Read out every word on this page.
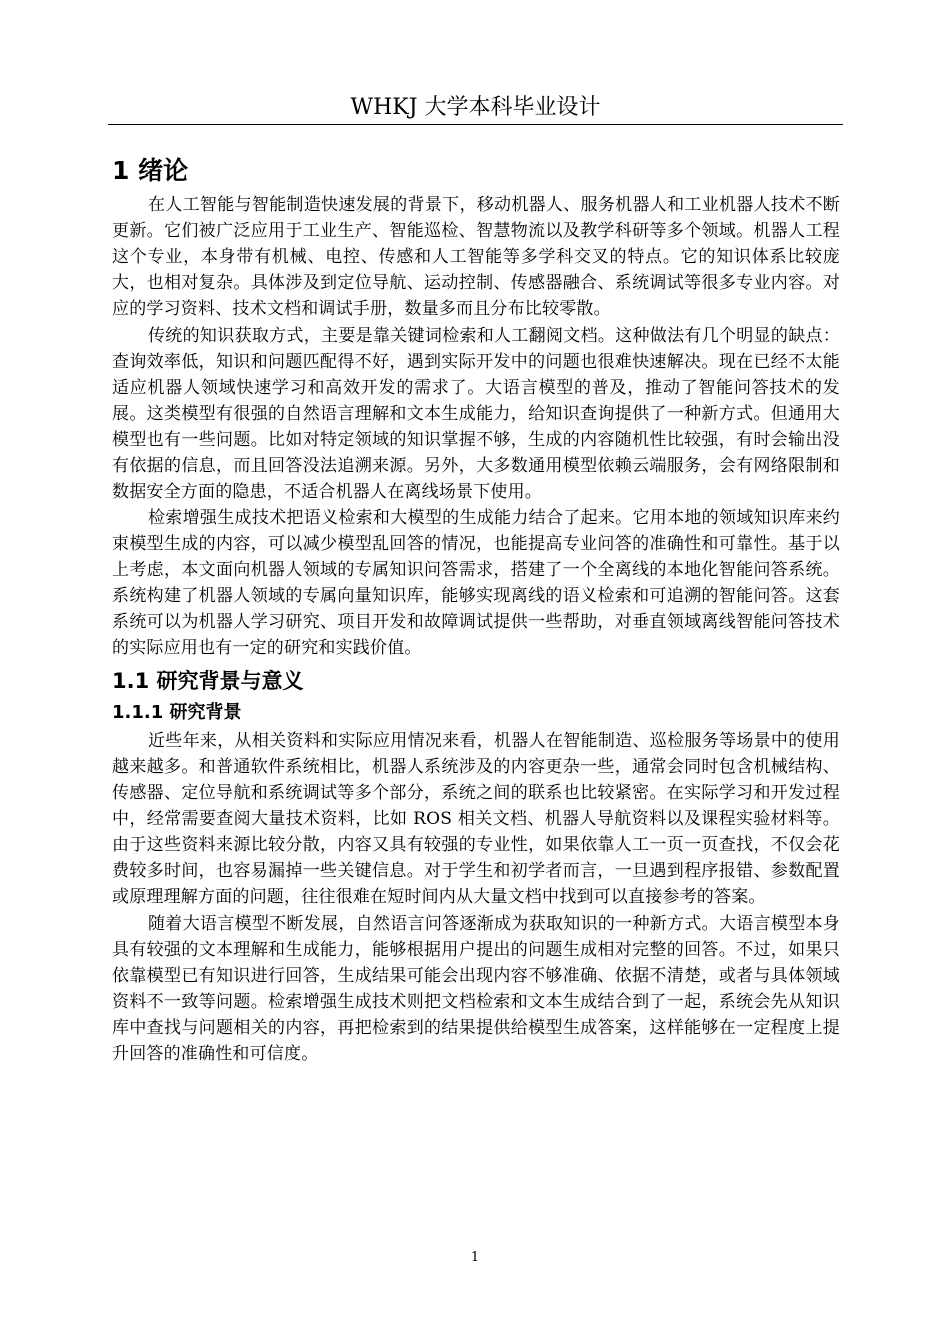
WHKJ 大学本科毕业设计
1 绪论

在人工智能与智能制造快速发展的背景下，移动机器人、服务机器人和工业机器人技术不断更新。它们被广泛应用于工业生产、智能巡检、智慧物流以及教学科研等多个领域。机器人工程这个专业，本身带有机械、电控、传感和人工智能等多学科交叉的特点。它的知识体系比较庞大，也相对复杂。具体涉及到定位导航、运动控制、传感器融合、系统调试等很多专业内容。对应的学习资料、技术文档和调试手册，数量多而且分布比较零散。

传统的知识获取方式，主要是靠关键词检索和人工翻阅文档。这种做法有几个明显的缺点：查询效率低，知识和问题匹配得不好，遇到实际开发中的问题也很难快速解决。现在已经不太能适应机器人领域快速学习和高效开发的需求了。大语言模型的普及，推动了智能问答技术的发展。这类模型有很强的自然语言理解和文本生成能力，给知识查询提供了一种新方式。但通用大模型也有一些问题。比如对特定领域的知识掌握不够，生成的内容随机性比较强，有时会输出没有依据的信息，而且回答没法追溯来源。另外，大多数通用模型依赖云端服务，会有网络限制和数据安全方面的隐患，不适合机器人在离线场景下使用。

检索增强生成技术把语义检索和大模型的生成能力结合了起来。它用本地的领域知识库来约束模型生成的内容，可以减少模型乱回答的情况，也能提高专业问答的准确性和可靠性。基于以上考虑，本文面向机器人领域的专属知识问答需求，搭建了一个全离线的本地化智能问答系统。系统构建了机器人领域的专属向量知识库，能够实现离线的语义检索和可追溯的智能问答。这套系统可以为机器人学习研究、项目开发和故障调试提供一些帮助，对垂直领域离线智能问答技术的实际应用也有一定的研究和实践价值。

1.1 研究背景与意义
1.1.1 研究背景

近些年来，从相关资料和实际应用情况来看，机器人在智能制造、巡检服务等场景中的使用越来越多。和普通软件系统相比，机器人系统涉及的内容更杂一些，通常会同时包含机械结构、传感器、定位导航和系统调试等多个部分，系统之间的联系也比较紧密。在实际学习和开发过程中，经常需要查阅大量技术资料，比如 ROS 相关文档、机器人导航资料以及课程实验材料等。由于这些资料来源比较分散，内容又具有较强的专业性，如果依靠人工一页一页查找，不仅会花费较多时间，也容易漏掉一些关键信息。对于学生和初学者而言，一旦遇到程序报错、参数配置或原理理解方面的问题，往往很难在短时间内从大量文档中找到可以直接参考的答案。

随着大语言模型不断发展，自然语言问答逐渐成为获取知识的一种新方式。大语言模型本身具有较强的文本理解和生成能力，能够根据用户提出的问题生成相对完整的回答。不过，如果只依靠模型已有知识进行回答，生成结果可能会出现内容不够准确、依据不清楚，或者与具体领域资料不一致等问题。检索增强生成技术则把文档检索和文本生成结合到了一起，系统会先从知识库中查找与问题相关的内容，再把检索到的结果提供给模型生成答案，这样能够在一定程度上提升回答的准确性和可信度。

1
